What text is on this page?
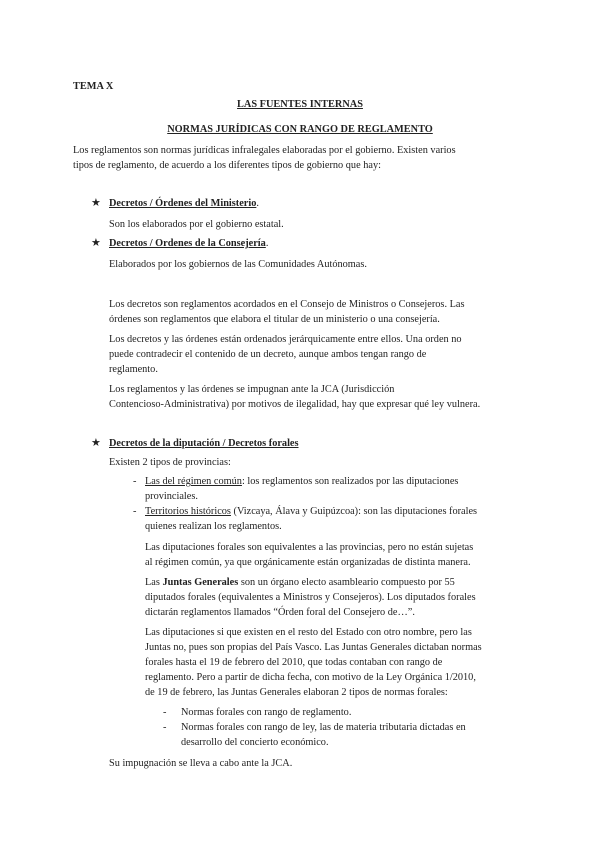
TEMA X
LAS FUENTES INTERNAS
NORMAS JURÍDICAS CON RANGO DE REGLAMENTO
Los reglamentos son normas jurídicas infralegales elaboradas por el gobierno. Existen varios
tipos de reglamento, de acuerdo a los diferentes tipos de gobierno que hay:
★ Decretos / Órdenes del Ministerio.
Son los elaborados por el gobierno estatal.
★ Decretos / Ordenes de la Consejería.
Elaborados por los gobiernos de las Comunidades Autónomas.
Los decretos son reglamentos acordados en el Consejo de Ministros o Consejeros. Las
órdenes son reglamentos que elabora el titular de un ministerio o una consejería.
Los decretos y las órdenes están ordenados jerárquicamente entre ellos. Una orden no
puede contradecir el contenido de un decreto, aunque ambos tengan rango de
reglamento.
Los reglamentos y las órdenes se impugnan ante la JCA (Jurisdicción
Contencioso-Administrativa) por motivos de ilegalidad, hay que expresar qué ley vulnera.
★ Decretos de la diputación / Decretos forales
Existen 2 tipos de provincias:
- Las del régimen común: los reglamentos son realizados por las diputaciones
provinciales.
- Territorios históricos (Vizcaya, Álava y Guipúzcoa): son las diputaciones forales
quienes realizan los reglamentos.
Las diputaciones forales son equivalentes a las provincias, pero no están sujetas
al régimen común, ya que orgánicamente están organizadas de distinta manera.
Las Juntas Generales son un órgano electo asambleario compuesto por 55
diputados forales (equivalentes a Ministros y Consejeros). Los diputados forales
dictarán reglamentos llamados “Órden foral del Consejero de…”.
Las diputaciones si que existen en el resto del Estado con otro nombre, pero las
Juntas no, pues son propias del País Vasco. Las Juntas Generales dictaban normas
forales hasta el 19 de febrero del 2010, que todas contaban con rango de
reglamento. Pero a partir de dicha fecha, con motivo de la Ley Orgánica 1/2010,
de 19 de febrero, las Juntas Generales elaboran 2 tipos de normas forales:
- Normas forales con rango de reglamento.
- Normas forales con rango de ley, las de materia tributaria dictadas en
desarrollo del concierto económico.
Su impugnación se lleva a cabo ante la JCA.
